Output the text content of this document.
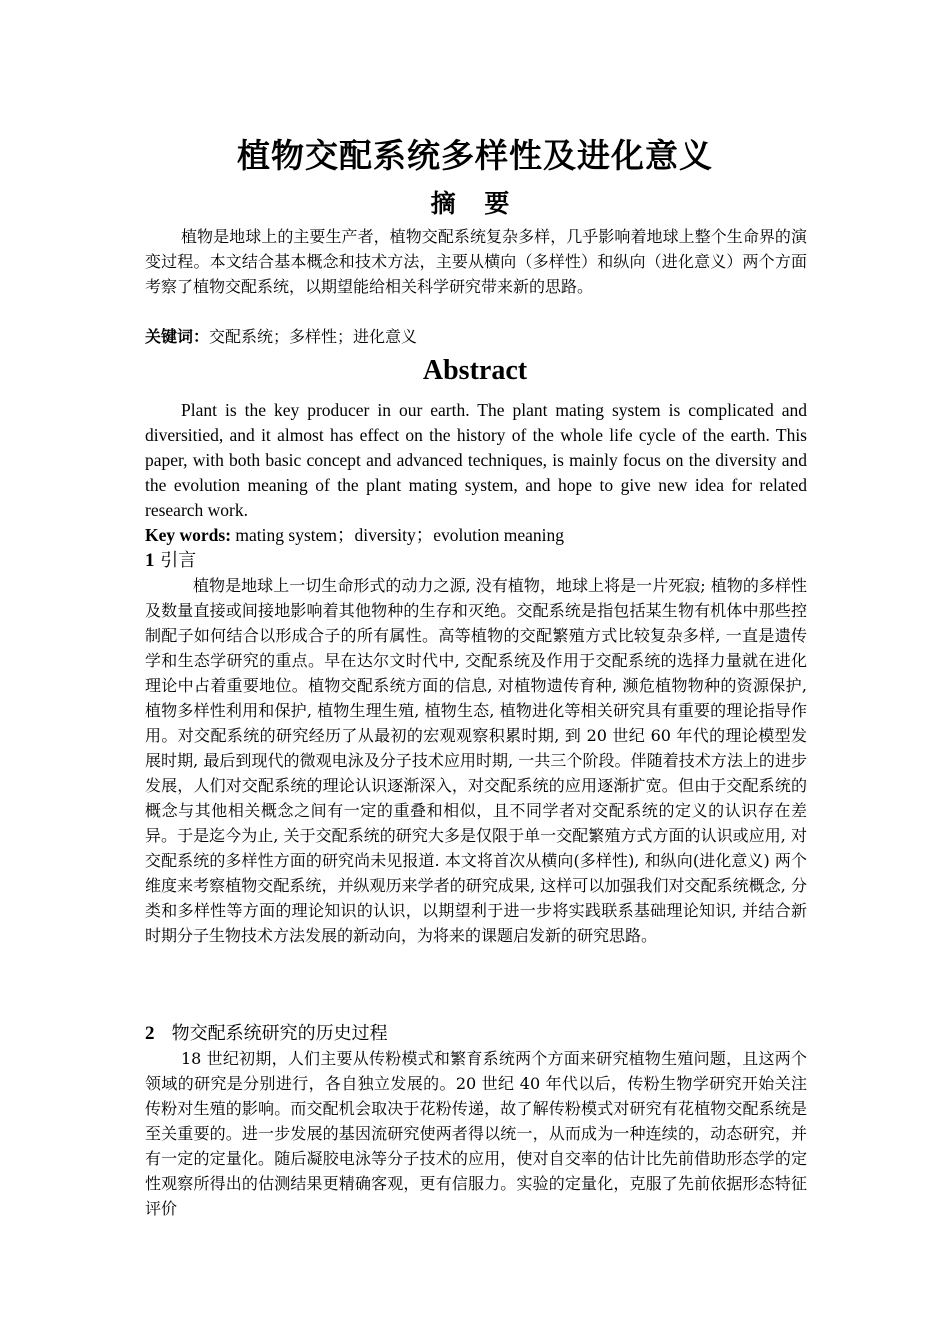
植物交配系统多样性及进化意义
摘 要

植物是地球上的主要生产者，植物交配系统复杂多样，几乎影响着地球上整个生命界的演变过程。本文结合基本概念和技术方法，主要从横向（多样性）和纵向（进化意义）两个方面考察了植物交配系统，以期望能给相关科学研究带来新的思路。

关键词：交配系统；多样性；进化意义

Abstract

Plant is the key producer in our earth. The plant mating system is complicated and diversitied, and it almost has effect on the history of the whole life cycle of the earth. This paper, with both basic concept and advanced techniques, is mainly focus on the diversity and the evolution meaning of the plant mating system, and hope to give new idea for related research work.

Key words: mating system；diversity；evolution meaning

1 引言

植物是地球上一切生命形式的动力之源, 没有植物，地球上将是一片死寂; 植物的多样性及数量直接或间接地影响着其他物种的生存和灭绝。交配系统是指包括某生物有机体中那些控制配子如何结合以形成合子的所有属性。高等植物的交配繁殖方式比较复杂多样, 一直是遗传学和生态学研究的重点。早在达尔文时代中, 交配系统及作用于交配系统的选择力量就在进化理论中占着重要地位。植物交配系统方面的信息, 对植物遗传育种, 濒危植物物种的资源保护, 植物多样性利用和保护, 植物生理生殖, 植物生态, 植物进化等相关研究具有重要的理论指导作用。对交配系统的研究经历了从最初的宏观观察积累时期, 到 20 世纪 60 年代的理论模型发展时期, 最后到现代的微观电泳及分子技术应用时期, 一共三个阶段。伴随着技术方法上的进步发展，人们对交配系统的理论认识逐渐深入，对交配系统的应用逐渐扩宽。但由于交配系统的概念与其他相关概念之间有一定的重叠和相似，且不同学者对交配系统的定义的认识存在差异。于是迄今为止, 关于交配系统的研究大多是仅限于单一交配繁殖方式方面的认识或应用, 对交配系统的多样性方面的研究尚未见报道. 本文将首次从横向(多样性), 和纵向(进化意义) 两个维度来考察植物交配系统，并纵观历来学者的研究成果, 这样可以加强我们对交配系统概念, 分类和多样性等方面的理论知识的认识，以期望利于进一步将实践联系基础理论知识, 并结合新时期分子生物技术方法发展的新动向，为将来的课题启发新的研究思路。

2 物交配系统研究的历史过程

18 世纪初期，人们主要从传粉模式和繁育系统两个方面来研究植物生殖问题，且这两个领域的研究是分别进行，各自独立发展的。20 世纪 40 年代以后，传粉生物学研究开始关注传粉对生殖的影响。而交配机会取决于花粉传递，故了解传粉模式对研究有花植物交配系统是至关重要的。进一步发展的基因流研究使两者得以统一，从而成为一种连续的，动态研究，并有一定的定量化。随后凝胶电泳等分子技术的应用，使对自交率的估计比先前借助形态学的定性观察所得出的估测结果更精确客观，更有信服力。实验的定量化，克服了先前依据形态特征评价
